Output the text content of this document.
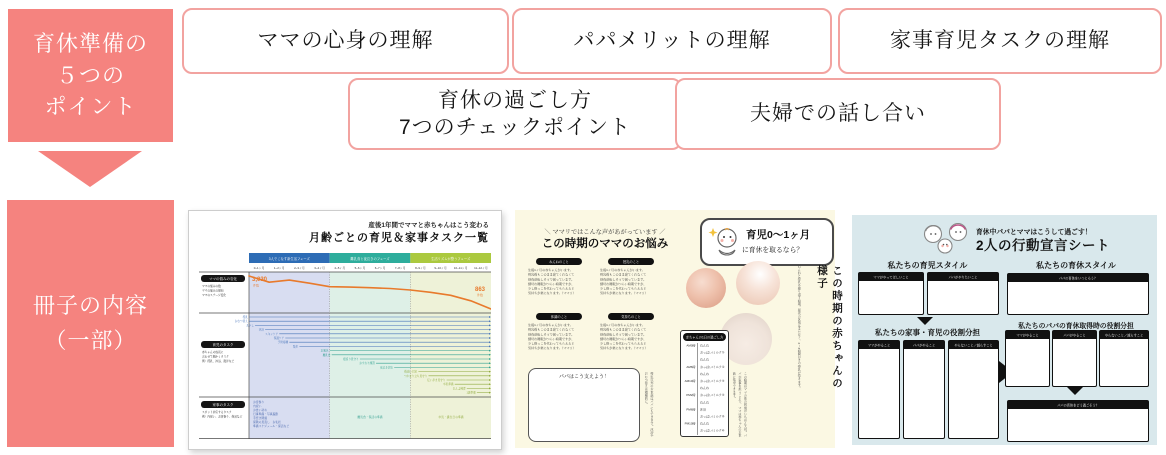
育休準備の
５つの
ポイント
ママの心身の理解	パパメリットの理解	家事育児タスクの理解
育休の過ごし方
7つのチェックポイント
夫婦での話し合い
冊子の内容
（一部）
産後1年間でママと赤ちゃんはこう変わる
月齢ごとの育児＆家事タスク一覧
3人でこなす新生活フェーズ	離乳食と夜泣きのフェーズ	生活リズムが整うフェーズ
0~1ヶ月	1~2ヶ月	2~3ヶ月	3~4ヶ月	4~5ヶ月	5~6ヶ月	6~7ヶ月	7~8ヶ月	8~9ヶ月	9~10ヶ月 10~11ヶ月 11~12ヶ月
3,030
件数
863
件数
授乳
おむつ替え
あやし
沐浴
スキンケア
保湿ケア
予防接種
散歩
お風呂
離乳食
寝返り見守り
おすわり練習
夜泣き対応
後追い対応
つかまり立ち見守り
伝い歩き見守り
卒乳準備
あんよ練習
1歳準備
お宮参り
内祝い
お食い初め
行事準備・写真撮影
手続き関連
保険の見直し　お礼状
準備スケジュール・保活など
離乳食・保活の準備	卒乳・誕生日の準備
ママの悩みの変化
ママの悩みの数
ママの悩みの傾向
ママのステージ変化
育児のタスク
赤ちゃんの成長に
合わせて細かくタスク
例）授乳、沐浴、散歩など
家事のタスク
スポット対応するタスク
例）内祝い、お宮参り、保活など
＼ ママリではこんな声があがっています ／
この時期のママのお悩み
ねんねのこと
生後1ヶ月の赤ちゃんがいます。
授乳後もこのまま寝てくれなくて
昼夜逆転しそうで困っています。
細切れ睡眠がつらい時期ですが、
少し抱っこを代わってもらえると
気持ちが楽になります。（ママリ）
授乳のこと
生後1ヶ月の赤ちゃんがいます。
授乳後もこのまま寝てくれなくて
昼夜逆転しそうで困っています。
細切れ睡眠がつらい時期ですが、
少し抱っこを代わってもらえると
気持ちが楽になります。（ママリ）
体調のこと
生後1ヶ月の赤ちゃんがいます。
授乳後もこのまま寝てくれなくて
昼夜逆転しそうで困っています。
細切れ睡眠がつらい時期ですが、
少し抱っこを代わってもらえると
気持ちが楽になります。（ママリ）
気持ちのこと
生後1ヶ月の赤ちゃんがいます。
授乳後もこのまま寝てくれなくて
昼夜逆転しそうで困っています。
細切れ睡眠がつらい時期ですが、
少し抱っこを代わってもらえると
気持ちが楽になります。（ママリ）
パパはこう支えよう！
育児0〜1ヶ月
に育休を取るなら？
赤ちゃんの1日の過ごし方
AM0時 ねんね
おっぱい/ミルク①
ねんね
AM6時 おっぱい/ミルク②
ねんね
AM10時 おっぱい/ミルク③
ねんね
PM2時 おっぱい/ミルク④
ねんね
PM6時 沐浴
おっぱい/ミルク⑤
PM10時 ねんね
おっぱい/ミルク⑥
この時期の赤ちゃんの様子
ねんねと授乳を繰り返す時期。昼夜の区別はまだなく、2〜3時間おきの授乳が続きます。
この時期はママの体の回復がいちばん大切。パパが家事を担うことで、ママは赤ちゃんのお世話に集中できます。
授乳以外のお世話はパパにもできます。沐浴やおむつ替えは積極的に。
育休中パパとママはこうして過ごす！
2人の行動宣言シート
私たちの育児スタイル	私たちの育休スタイル
私たちの家事・育児の役割分担
私たちのパパの育休取得時の役割分担
ママがやってほしいこと	パパがやりたいこと
ママがやること	パパがやること	やらないこと／減らすこと
パパの育休をいつとろう？
ママがやること	パパがやること	やらないこと／減らすこと
パパの育休をどう過ごそう？
